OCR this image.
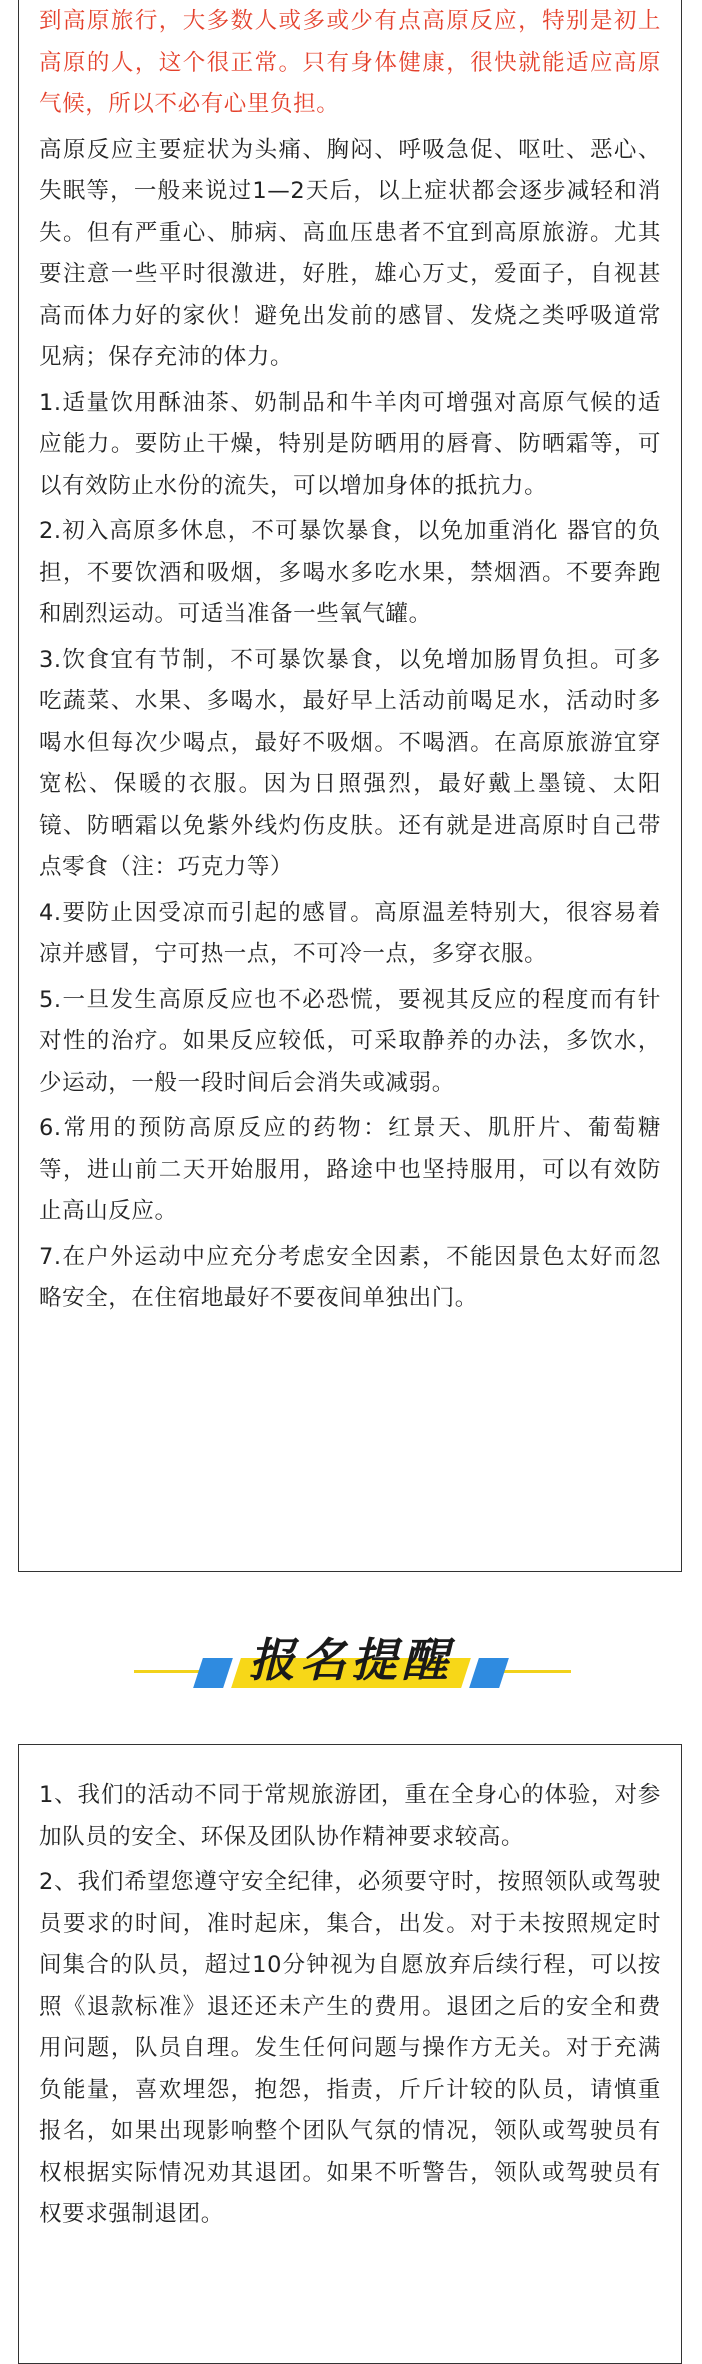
到高原旅行，大多数人或多或少有点高原反应，特别是初上高原的人，这个很正常。只有身体健康，很快就能适应高原气候，所以不必有心里负担。

高原反应主要症状为头痛、胸闷、呼吸急促、呕吐、恶心、失眠等，一般来说过1—2天后，以上症状都会逐步减轻和消失。但有严重心、肺病、高血压患者不宜到高原旅游。尤其要注意一些平时很激进，好胜，雄心万丈，爱面子，自视甚高而体力好的家伙！避免出发前的感冒、发烧之类呼吸道常见病；保存充沛的体力。

1.适量饮用酥油茶、奶制品和牛羊肉可增强对高原气候的适应能力。要防止干燥，特别是防晒用的唇膏、防晒霜等，可以有效防止水份的流失，可以增加身体的抵抗力。

2.初入高原多休息，不可暴饮暴食，以免加重消化 器官的负担，不要饮酒和吸烟，多喝水多吃水果，禁烟酒。不要奔跑和剧烈运动。可适当准备一些氧气罐。

3.饮食宜有节制，不可暴饮暴食，以免增加肠胃负担。可多吃蔬菜、水果、多喝水，最好早上活动前喝足水，活动时多喝水但每次少喝点，最好不吸烟。不喝酒。在高原旅游宜穿宽松、保暖的衣服。因为日照强烈，最好戴上墨镜、太阳镜、防晒霜以免紫外线灼伤皮肤。还有就是进高原时自己带点零食（注：巧克力等）

4.要防止因受凉而引起的感冒。高原温差特别大，很容易着凉并感冒，宁可热一点，不可冷一点，多穿衣服。

5.一旦发生高原反应也不必恐慌，要视其反应的程度而有针对性的治疗。如果反应较低，可采取静养的办法，多饮水，少运动，一般一段时间后会消失或减弱。

6.常用的预防高原反应的药物：红景天、肌肝片、葡萄糖等，进山前二天开始服用，路途中也坚持服用，可以有效防止高山反应。

7.在户外运动中应充分考虑安全因素，不能因景色太好而忽略安全，在住宿地最好不要夜间单独出门。

报名提醒

1、我们的活动不同于常规旅游团，重在全身心的体验，对参加队员的安全、环保及团队协作精神要求较高。

2、我们希望您遵守安全纪律，必须要守时，按照领队或驾驶员要求的时间，准时起床，集合，出发。对于未按照规定时间集合的队员，超过10分钟视为自愿放弃后续行程，可以按照《退款标准》退还还未产生的费用。退团之后的安全和费用问题，队员自理。发生任何问题与操作方无关。对于充满负能量，喜欢埋怨，抱怨，指责，斤斤计较的队员，请慎重报名，如果出现影响整个团队气氛的情况，领队或驾驶员有权根据实际情况劝其退团。如果不听警告，领队或驾驶员有权要求强制退团。
